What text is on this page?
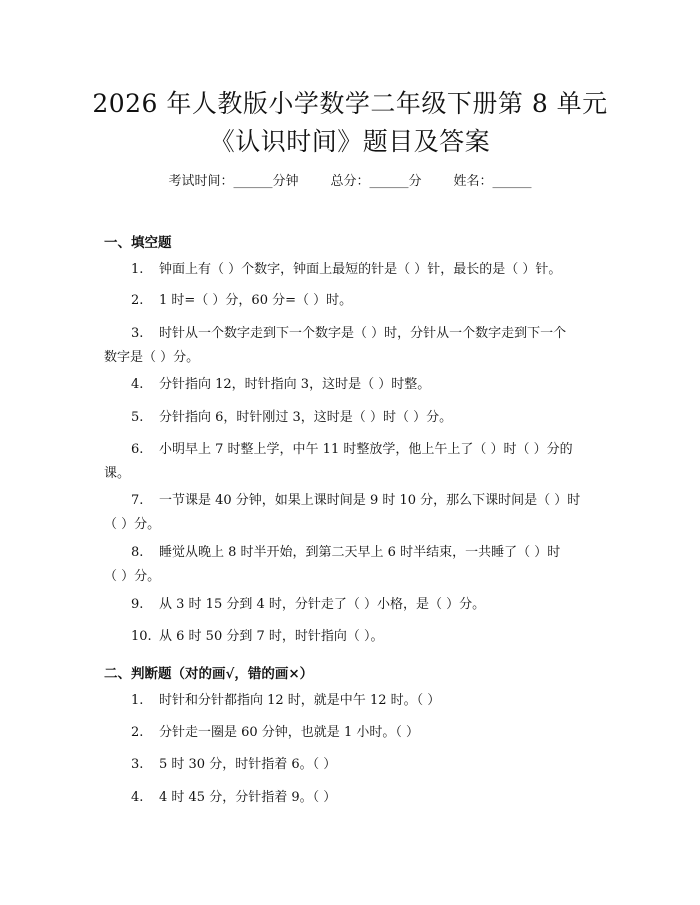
2026 年人教版小学数学二年级下册第 8 单元
《认识时间》题目及答案
考试时间：______分钟 总分：______分 姓名：______
一、填空题
1.	钟面上有（ ）个数字，钟面上最短的针是（ ）针，最长的是（ ）针。
2.	1 时=（ ）分，60 分=（ ）时。
3.	时针从一个数字走到下一个数字是（ ）时，分针从一个数字走到下一个
数字是（ ）分。
4.	分针指向 12，时针指向 3，这时是（ ）时整。
5.	分针指向 6，时针刚过 3，这时是（ ）时（ ）分。
6.	小明早上 7 时整上学，中午 11 时整放学，他上午上了（ ）时（ ）分的
课。
7.	一节课是 40 分钟，如果上课时间是 9 时 10 分，那么下课时间是（ ）时
（ ）分。
8.	睡觉从晚上 8 时半开始，到第二天早上 6 时半结束，一共睡了（ ）时
（ ）分。
9.	从 3 时 15 分到 4 时，分针走了（ ）小格，是（ ）分。
10. 从 6 时 50 分到 7 时，时针指向（ ）。
二、判断题（对的画√，错的画×）
1.	时针和分针都指向 12 时，就是中午 12 时。（ ）
2.	分针走一圈是 60 分钟，也就是 1 小时。（ ）
3.	5 时 30 分，时针指着 6。（ ）
4.	4 时 45 分，分针指着 9。（ ）
